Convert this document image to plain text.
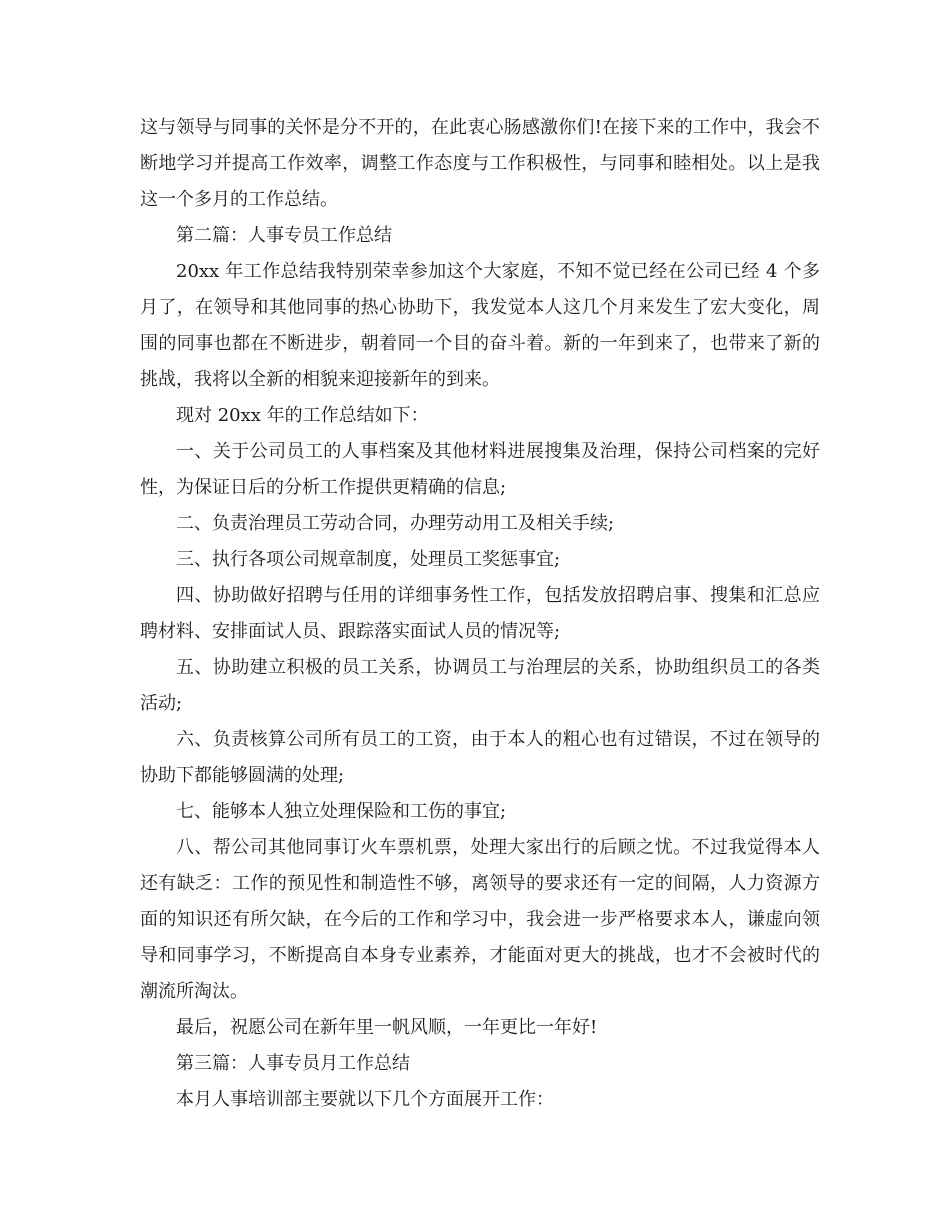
这与领导与同事的关怀是分不开的，在此衷心肠感激你们!在接下来的工作中，我会不断地学习并提高工作效率，调整工作态度与工作积极性，与同事和睦相处。以上是我这一个多月的工作总结。

第二篇：人事专员工作总结

20xx 年工作总结我特别荣幸参加这个大家庭，不知不觉已经在公司已经 4 个多月了，在领导和其他同事的热心协助下，我发觉本人这几个月来发生了宏大变化，周围的同事也都在不断进步，朝着同一个目的奋斗着。新的一年到来了，也带来了新的挑战，我将以全新的相貌来迎接新年的到来。

现对 20xx 年的工作总结如下：

一、关于公司员工的人事档案及其他材料进展搜集及治理，保持公司档案的完好性，为保证日后的分析工作提供更精确的信息;

二、负责治理员工劳动合同，办理劳动用工及相关手续;

三、执行各项公司规章制度，处理员工奖惩事宜;

四、协助做好招聘与任用的详细事务性工作，包括发放招聘启事、搜集和汇总应聘材料、安排面试人员、跟踪落实面试人员的情况等;

五、协助建立积极的员工关系，协调员工与治理层的关系，协助组织员工的各类活动;

六、负责核算公司所有员工的工资，由于本人的粗心也有过错误，不过在领导的协助下都能够圆满的处理;

七、能够本人独立处理保险和工伤的事宜;

八、帮公司其他同事订火车票机票，处理大家出行的后顾之忧。不过我觉得本人还有缺乏：工作的预见性和制造性不够，离领导的要求还有一定的间隔，人力资源方面的知识还有所欠缺，在今后的工作和学习中，我会进一步严格要求本人，谦虚向领导和同事学习，不断提高自本身专业素养，才能面对更大的挑战，也才不会被时代的潮流所淘汰。

最后，祝愿公司在新年里一帆风顺，一年更比一年好!

第三篇：人事专员月工作总结

本月人事培训部主要就以下几个方面展开工作：
